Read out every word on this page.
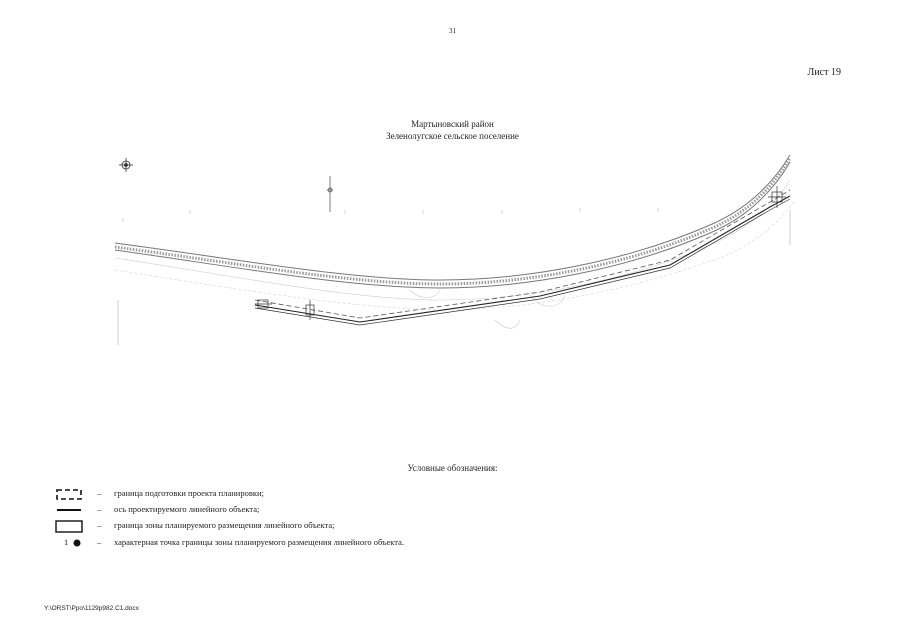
31
Лист 19
Мартыновский район
Зеленолугское сельское поселение
Условные обозначения:
– граница подготовки проекта планировки;
– ось проектируемого линейного объекта;
– граница зоны планируемого размещения линейного объекта;
1	– характерная точка границы зоны планируемого размещения линейного объекта.
Y:\ORST\Ppo\1129p982.C1.docx
